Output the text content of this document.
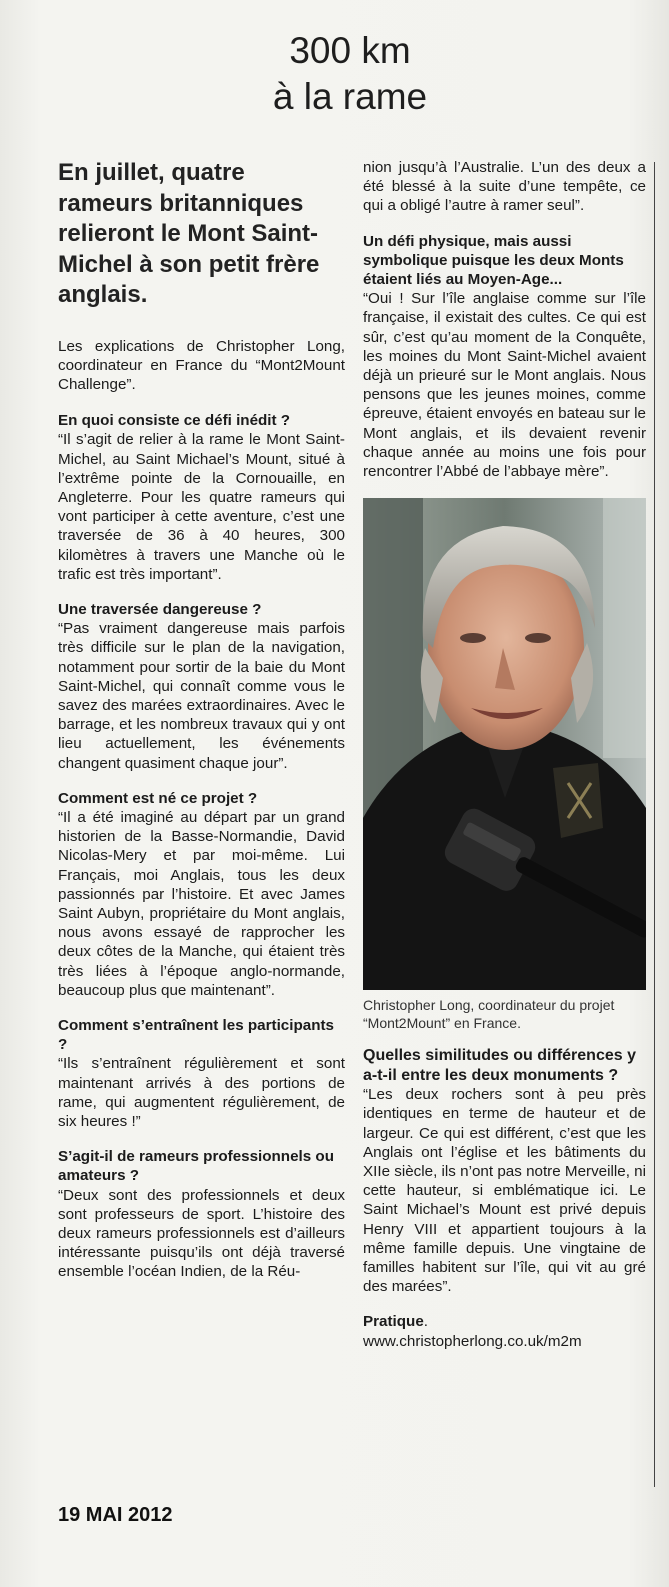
300 km
à la rame

En juillet, quatre rameurs britanniques relieront le Mont Saint-Michel à son petit frère anglais.

Les explications de Christopher Long, coordinateur en France du “Mont2Mount Challenge”.

En quoi consiste ce défi inédit ?

“Il s’agit de relier à la rame le Mont Saint-Michel, au Saint Michael’s Mount, situé à l’extrême pointe de la Cornouaille, en Angleterre. Pour les quatre rameurs qui vont participer à cette aventure, c’est une traversée de 36 à 40 heures, 300 kilomètres à travers une Manche où le trafic est très important”.

Une traversée dangereuse ?

“Pas vraiment dangereuse mais parfois très difficile sur le plan de la navigation, notamment pour sortir de la baie du Mont Saint-Michel, qui connaît comme vous le savez des marées extraordinaires. Avec le barrage, et les nombreux travaux qui y ont lieu actuellement, les événements changent quasiment chaque jour”.

Comment est né ce projet ?

“Il a été imaginé au départ par un grand historien de la Basse-Normandie, David Nicolas-Mery et par moi-même. Lui Français, moi Anglais, tous les deux passionnés par l’histoire. Et avec James Saint Aubyn, propriétaire du Mont anglais, nous avons essayé de rapprocher les deux côtes de la Manche, qui étaient très très liées à l’époque anglo-normande, beaucoup plus que maintenant”.

Comment s’entraînent les participants ?

“Ils s’entraînent régulièrement et sont maintenant arrivés à des portions de rame, qui augmentent régulièrement, de six heures !”

S’agit-il de rameurs professionnels ou amateurs ?

“Deux sont des professionnels et deux sont professeurs de sport. L’histoire des deux rameurs professionnels est d’ailleurs intéressante puisqu’ils ont déjà traversé ensemble l’océan Indien, de la Réu-

nion jusqu’à l’Australie. L’un des deux a été blessé à la suite d’une tempête, ce qui a obligé l’autre à ramer seul”.

Un défi physique, mais aussi symbolique puisque les deux Monts étaient liés au Moyen-Age...

“Oui ! Sur l’île anglaise comme sur l’île française, il existait des cultes. Ce qui est sûr, c’est qu’au moment de la Conquête, les moines du Mont Saint-Michel avaient déjà un prieuré sur le Mont anglais. Nous pensons que les jeunes moines, comme épreuve, étaient envoyés en bateau sur le Mont anglais, et ils devaient revenir chaque année au moins une fois pour rencontrer l’Abbé de l’abbaye mère”.

Christopher Long, coordinateur du projet “Mont2Mount” en France.

Quelles similitudes ou différences y a-t-il entre les deux monuments ?

“Les deux rochers sont à peu près identiques en terme de hauteur et de largeur. Ce qui est différent, c’est que les Anglais ont l’église et les bâtiments du XIIe siècle, ils n’ont pas notre Merveille, ni cette hauteur, si emblématique ici. Le Saint Michael’s Mount est privé depuis Henry VIII et appartient toujours à la même famille depuis. Une vingtaine de familles habitent sur l’île, qui vit au gré des marées”.

Pratique. www.christopherlong.co.uk/m2m

19 MAI 2012
